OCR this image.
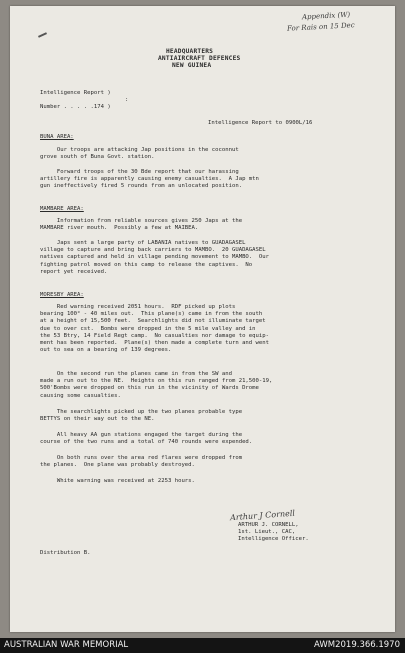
Appendix (W)
For Rais on 15 Dec
HEADQUARTERS
ANTIAIRCRAFT DEFENCES
NEW GUINEA
Intelligence Report )
:
Number . . . . .174 )
Intelligence Report to 0900L/16
BUNA AREA:
Our troops are attacking Jap positions in the coconnut
grove south of Buna Govt. station.
Forward troops of the 30 Bde report that our harassing
artillery fire is apparently causing enemy casualties.  A Jap mtn
gun ineffectively fired 5 rounds from an unlocated position.
MAMBARE AREA:
Information from reliable sources gives 250 Japs at the
MAMBARE river mouth.  Possibly a few at MAIBEA.
Japs sent a large party of LABANIA natives to GUADAGASEL
village to capture and bring back carriers to MAMBO.  20 GUADAGASEL
natives captured and held in village pending movement to MAMBO.  Our
fighting patrol moved on this camp to release the captives.  No
report yet received.
MORESBY AREA:
Red warning received 2051 hours.  RDF picked up plots
bearing 100° - 40 miles out.  This plane(s) came in from the south
at a height of 15,500 feet.  Searchlights did not illuminate target
due to over cst.  Bombs were dropped in the 5 mile valley and in
the 53 Btry, 14 Field Regt camp.  No casualties nor damage to equip-
ment has been reported.  Plane(s) then made a complete turn and went
out to sea on a bearing of 139 degrees.
On the second run the planes came in from the SW and
made a run out to the NE.  Heights on this run ranged from 21,500-19,
500'Bombs were dropped on this run in the vicinity of Wards Drome
causing some casualties.
The searchlights picked up the two planes probable type
BETTYS on their way out to the NE.
All heavy AA gun stations engaged the target during the
course of the two runs and a total of 740 rounds were expended.
On both runs over the area red flares were dropped from
the planes.  One plane was probably destroyed.
White warning was received at 2253 hours.
Arthur J Cornell
ARTHUR J. CORNELL,
1st. Lieut., CAC,
Intelligence Officer.
Distribution B.
AUSTRALIAN WAR MEMORIAL	AWM2019.366.1970
